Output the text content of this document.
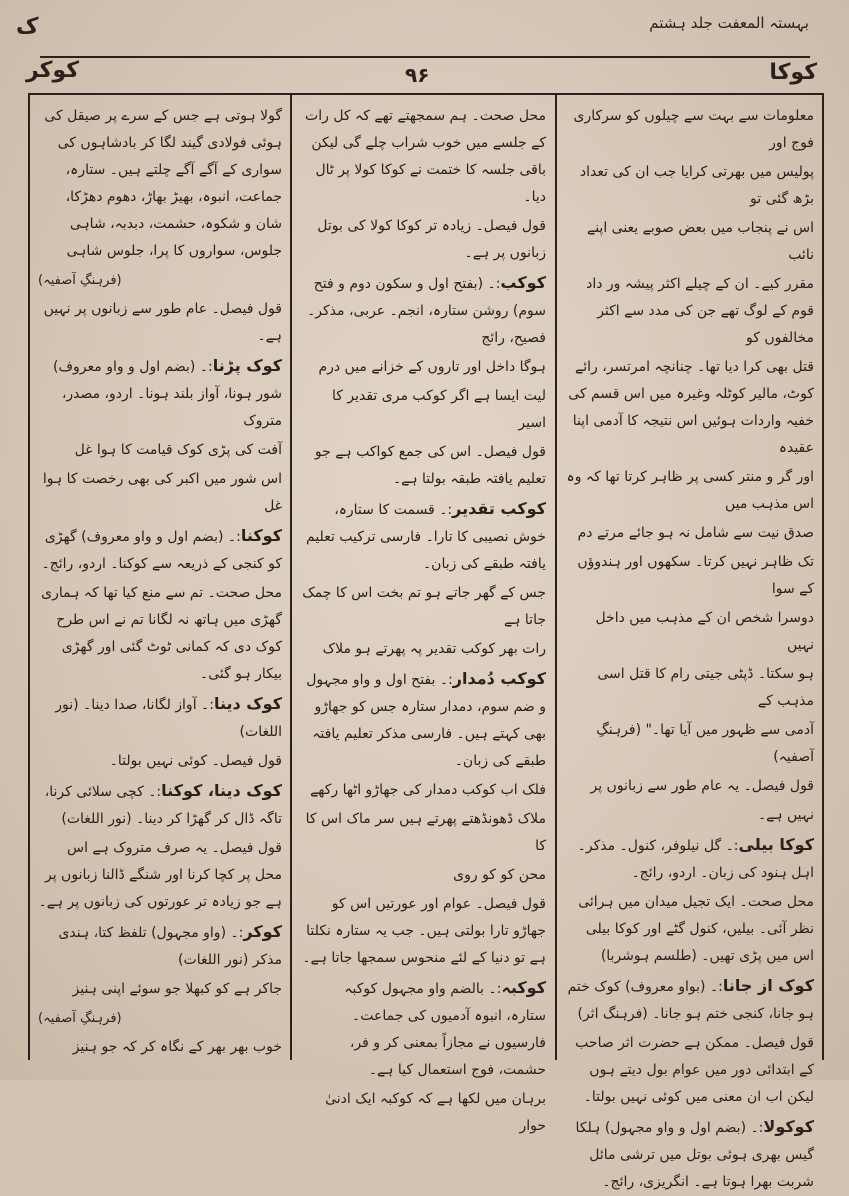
ک	بہستہ المعفت جلد ہشتم
کوکر	۹۶	کوکا

معلومات سے بہت سے چیلوں کو سرکاری فوج اور

پولیس میں بھرتی کرایا جب ان کی تعداد بڑھ گئی تو

اس نے پنجاب میں بعض صوبے یعنی اپنے نائب

مقرر کیے۔ ان کے چیلے اکثر پیشہ ور داد قوم کے لوگ تھے جن کی مدد سے اکثر مخالفوں کو

قتل بھی کرا دیا تھا۔ چنانچہ امرتسر، رائے کوٹ، مالیر کوٹلہ وغیرہ میں اس قسم کی خفیہ واردات ہوئیں اس نتیجہ کا آدمی اپنا عقیدہ

اور گر و منتر کسی پر ظاہر کرتا تھا کہ وہ اس مذہب میں

صدق نیت سے شامل نہ ہو جائے مرتے دم

تک ظاہر نہیں کرتا۔ سکھوں اور ہندوؤں کے سوا

دوسرا شخص ان کے مذہب میں داخل نہیں

ہو سکتا۔ ڈپٹی جیتی رام کا قتل اسی مذہب کے

آدمی سے ظہور میں آیا تھا۔" (فرہنگِ آصفیہ)

قول فیصل۔ یہ عام طور سے زبانوں پر

نہیں ہے۔

کوکا بیلی:۔ گل نیلوفر، کنول۔ مذکر۔ اہل ہنود کی زبان۔ اردو، رائج۔

محل صحت۔ ایک تجیل میدان میں ہرائی نظر آئی۔ بیلیں، کنول گٹے اور کوکا بیلی اس میں پڑی تھیں۔ (طلسم ہوشربا)

کوک از جانا:۔ (بواو معروف) کوک ختم ہو جانا، کنجی ختم ہو جانا۔ (فرہنگ اثر)

قول فیصل۔ ممکن ہے حضرت اثر صاحب کے ابتدائی دور میں عوام بول دیتے ہوں لیکن اب ان معنی میں کوئی نہیں بولتا۔

کوکولا:۔ (بضم اول و واو مجہول) ہلکا گیس بھری ہوئی بوتل میں ترشی مائل شربت بھرا ہوتا ہے۔ انگریزی، رائج۔

محل صحت۔ ہم سمجھتے تھے کہ کل رات کے جلسے میں خوب شراب چلے گی لیکن باقی جلسہ کا ختمت نے کوکا کولا پر ٹال دیا۔

قول فیصل۔ زیادہ تر کوکا کولا کی بوتل زبانوں پر ہے۔

کوکب:۔ (بفتح اول و سکون دوم و فتح سوم) روشن ستارہ، انجم۔ عربی، مذکر۔ فصیح، رائج

ہوگا داخل اور تاروں کے خزانے میں درم

لیت ایسا ہے اگر کوکب مری تقدیر کا اسیر

قول فیصل۔ اس کی جمع کواکب ہے جو تعلیم یافتہ طبقہ بولتا ہے۔

کوکب تقدیر:۔ قسمت کا ستارہ، خوش نصیبی کا تارا۔ فارسی ترکیب تعلیم یافتہ طبقے کی زبان۔

جس کے گھر جاتے ہو تم بخت اس کا چمک جاتا ہے

رات بھر کوکب تقدیر پہ پھرتے ہو ملاک

کوکب دُمدار:۔ بفتح اول و واو مجہول و ضم سوم، دمدار ستارہ جس کو جھاڑو بھی کہتے ہیں۔ فارسی مذکر تعلیم یافتہ طبقے کی زبان۔

فلک اب کوکب دمدار کی جھاڑو اٹھا رکھے

ملاک ڈھونڈھتے پھرتے ہیں سر ماک اس کا کا

محن کو کو روی

قول فیصل۔ عوام اور عورتیں اس کو جھاڑو تارا بولتی ہیں۔ جب یہ ستارہ نکلتا ہے تو دنیا کے لئے منحوس سمجھا جاتا ہے۔

کوکبہ:۔ بالضم واو مجہول کوکبہ ستارہ، انبوہ آدمیوں کی جماعت۔ فارسیوں نے مجازاً بمعنی کر و فر، حشمت، فوج استعمال کیا ہے۔

برہان میں لکھا ہے کہ کوکبہ ایک ادنیٰ حوار

گولا ہوتی ہے جس کے سرے پر صیقل کی ہوئی فولادی گیند لگا کر بادشاہوں کی سواری کے آگے آگے چلتے ہیں۔ ستارہ، جماعت، انبوہ، بھیڑ بھاڑ، دھوم دھڑکا، شان و شکوہ، حشمت، دبدبہ، شاہی جلوس، سواروں کا پرا، جلوس شاہی

(فرہنگِ آصفیہ)

قول فیصل۔ عام طور سے زبانوں پر نہیں ہے۔

کوک پڑنا:۔ (بضم اول و واو معروف) شور ہونا، آواز بلند ہونا۔ اردو، مصدر، متروک

آفت کی پڑی کوک قیامت کا ہوا غل

اس شور میں اکبر کی بھی رخصت کا ہوا غل

کوکنا:۔ (بضم اول و واو معروف) گھڑی کو کنجی کے ذریعہ سے کوکنا۔ اردو، رائج۔

محل صحت۔ تم سے منع کیا تھا کہ ہماری گھڑی میں ہاتھ نہ لگانا تم نے اس طرح کوک دی کہ کمانی ٹوٹ گئی اور گھڑی بیکار ہو گئی۔

کوک دینا:۔ آواز لگانا، صدا دینا۔ (نور اللغات)

قول فیصل۔ کوئی نہیں بولتا۔

کوک دینا، کوکنا:۔ کچی سلائی کرنا، تاگہ ڈال کر گھڑا کر دینا۔ (نور اللغات)

قول فیصل۔ یہ صرف متروک ہے اس محل پر کچا کرنا اور شنگے ڈالنا زبانوں پر ہے جو زیادہ تر عورتوں کی زبانوں پر ہے۔

کوکر:۔ (واو مجہول) تلفظ کتا، ہندی مذکر (نور اللغات)

جاکر ہے کو کبھلا جو سوئے اپنی ہنیز

(فرہنگِ آصفیہ)

خوب بھر بھر کے نگاہ کر کہ جو ہنیز
